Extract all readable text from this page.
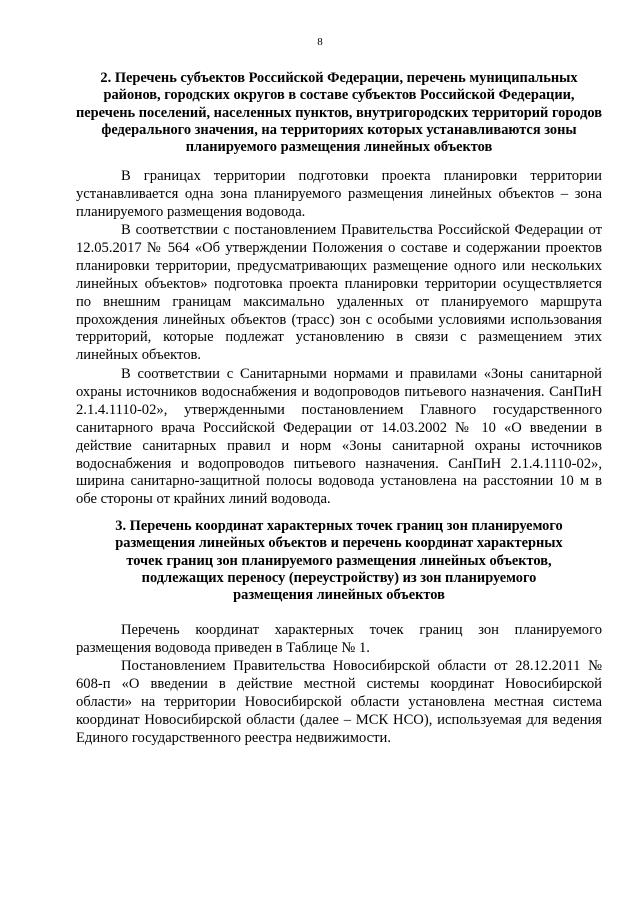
8
2. Перечень субъектов Российской Федерации, перечень муниципальных районов, городских округов в составе субъектов Российской Федерации, перечень поселений, населенных пунктов, внутригородских территорий городов федерального значения, на территориях которых устанавливаются зоны планируемого размещения линейных объектов

В границах территории подготовки проекта планировки территории устанавливается одна зона планируемого размещения линейных объектов – зона планируемого размещения водовода.

В соответствии с постановлением Правительства Российской Федерации от 12.05.2017 № 564 «Об утверждении Положения о составе и содержании проектов планировки территории, предусматривающих размещение одного или нескольких линейных объектов» подготовка проекта планировки территории осуществляется по внешним границам максимально удаленных от планируемого маршрута прохождения линейных объектов (трасс) зон с особыми условиями использования территорий, которые подлежат установлению в связи с размещением этих линейных объектов.

В соответствии с Санитарными нормами и правилами «Зоны санитарной охраны источников водоснабжения и водопроводов питьевого назначения. СанПиН 2.1.4.1110-02», утвержденными постановлением Главного государственного санитарного врача Российской Федерации от 14.03.2002 № 10 «О введении в действие санитарных правил и норм «Зоны санитарной охраны источников водоснабжения и водопроводов питьевого назначения. СанПиН 2.1.4.1110-02», ширина санитарно-защитной полосы водовода установлена на расстоянии 10 м в обе стороны от крайних линий водовода.

3. Перечень координат характерных точек границ зон планируемого размещения линейных объектов и перечень координат характерных точек границ зон планируемого размещения линейных объектов, подлежащих переносу (переустройству) из зон планируемого размещения линейных объектов

Перечень координат характерных точек границ зон планируемого размещения водовода приведен в Таблице № 1.

Постановлением Правительства Новосибирской области от 28.12.2011 № 608-п «О введении в действие местной системы координат Новосибирской области» на территории Новосибирской области установлена местная система координат Новосибирской области (далее – МСК НСО), используемая для ведения Единого государственного реестра недвижимости.
